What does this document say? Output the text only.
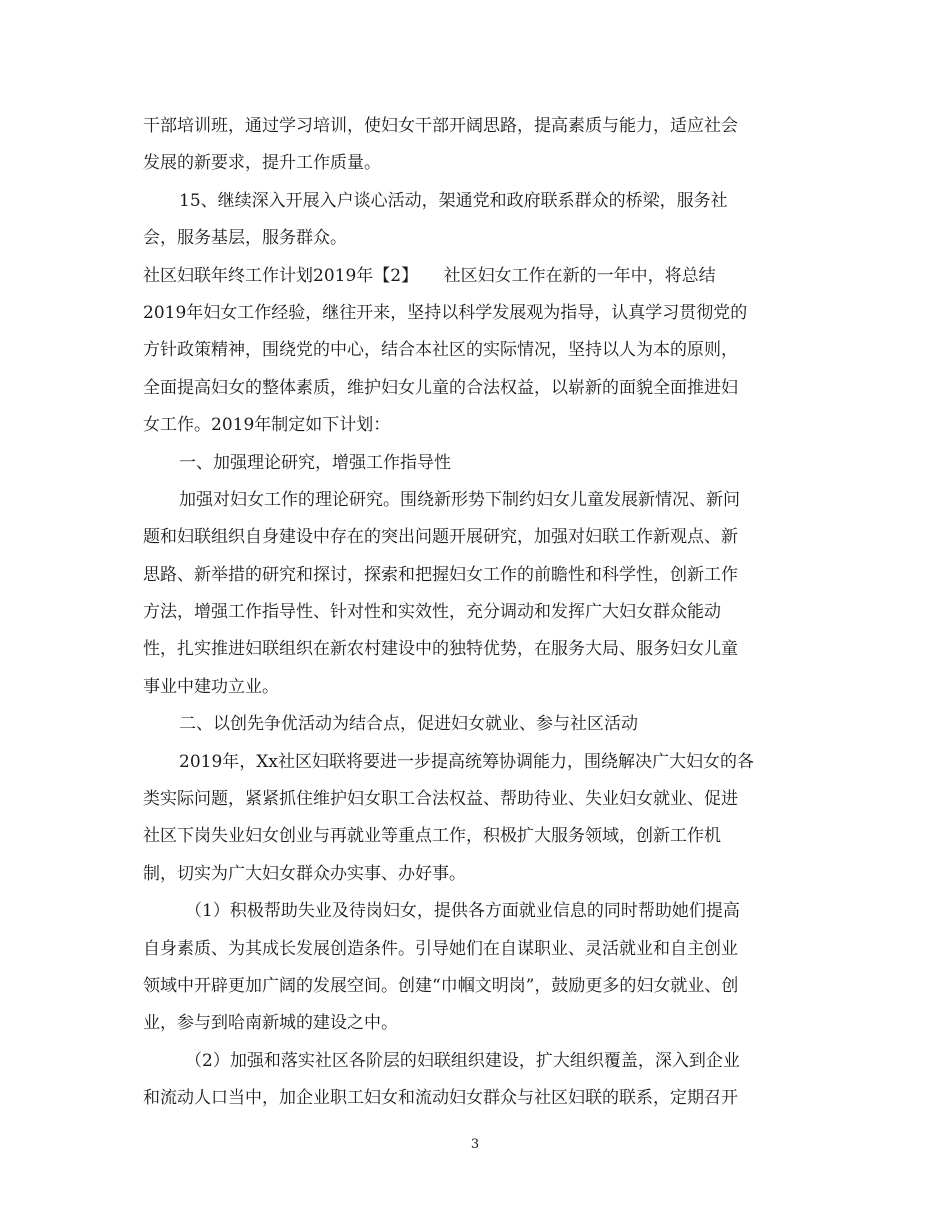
干部培训班，通过学习培训，使妇女干部开阔思路，提高素质与能力，适应社会
发展的新要求，提升工作质量。
15、继续深入开展入户谈心活动，架通党和政府联系群众的桥梁，服务社
会，服务基层，服务群众。
社区妇联年终工作计划2019年【2】　　社区妇女工作在新的一年中，将总结
2019年妇女工作经验，继往开来，坚持以科学发展观为指导，认真学习贯彻党的
方针政策精神，围绕党的中心，结合本社区的实际情况，坚持以人为本的原则，
全面提高妇女的整体素质，维护妇女儿童的合法权益，以崭新的面貌全面推进妇
女工作。2019年制定如下计划：
一、加强理论研究，增强工作指导性
加强对妇女工作的理论研究。围绕新形势下制约妇女儿童发展新情况、新问
题和妇联组织自身建设中存在的突出问题开展研究，加强对妇联工作新观点、新
思路、新举措的研究和探讨，探索和把握妇女工作的前瞻性和科学性，创新工作
方法，增强工作指导性、针对性和实效性，充分调动和发挥广大妇女群众能动
性，扎实推进妇联组织在新农村建设中的独特优势，在服务大局、服务妇女儿童
事业中建功立业。
二、以创先争优活动为结合点，促进妇女就业、参与社区活动
2019年，Xx社区妇联将要进一步提高统筹协调能力，围绕解决广大妇女的各
类实际问题，紧紧抓住维护妇女职工合法权益、帮助待业、失业妇女就业、促进
社区下岗失业妇女创业与再就业等重点工作，积极扩大服务领域，创新工作机
制，切实为广大妇女群众办实事、办好事。
（1）积极帮助失业及待岗妇女，提供各方面就业信息的同时帮助她们提高
自身素质、为其成长发展创造条件。引导她们在自谋职业、灵活就业和自主创业
领域中开辟更加广阔的发展空间。创建“巾帼文明岗”，鼓励更多的妇女就业、创
业，参与到哈南新城的建设之中。
（2）加强和落实社区各阶层的妇联组织建设，扩大组织覆盖，深入到企业
和流动人口当中，加企业职工妇女和流动妇女群众与社区妇联的联系，定期召开
3
